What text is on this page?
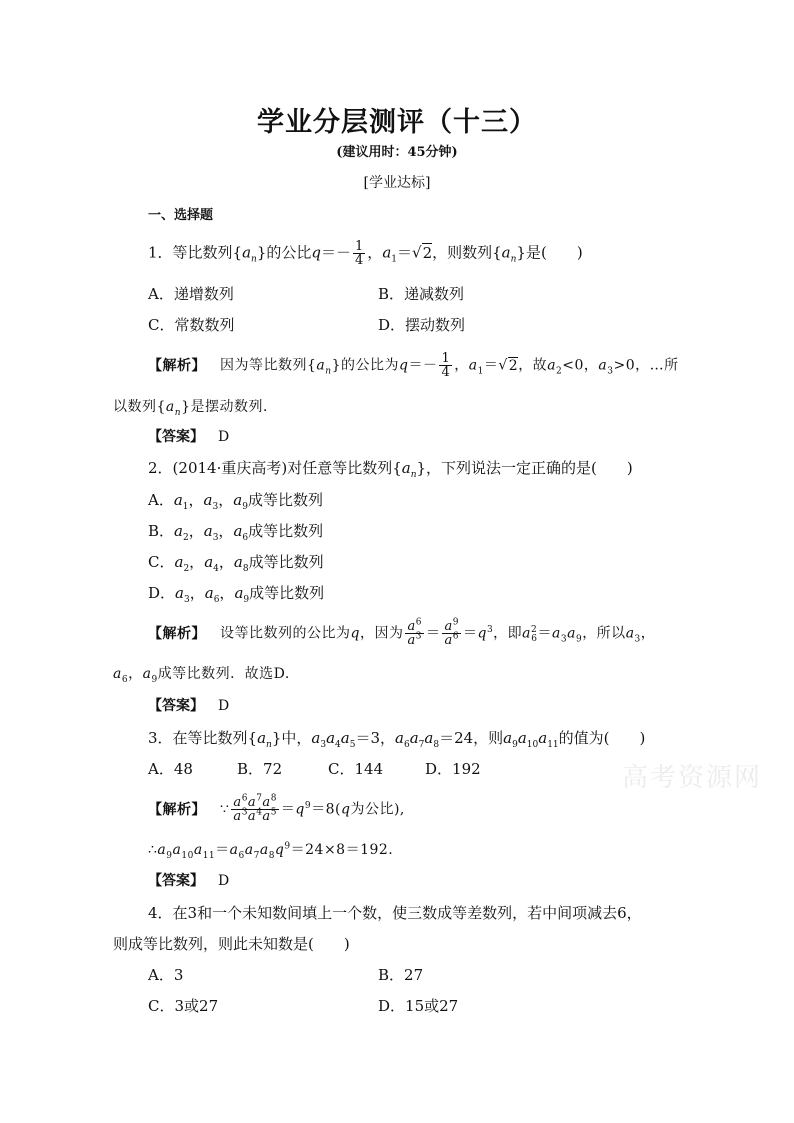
学业分层测评（十三）
(建议用时：45分钟)
[学业达标]
一、选择题
1．等比数列$\{a_n\}$的公比$q=- \frac{1}{4}$ ，$a_1=√2$，则数列$\{a_n\}$是(　　)
A．递增数列	B．递减数列
C．常数数列	D．摆动数列
【解析】 因为等比数列$\{a_n\}$的公比为$q=- \frac{1}{4}$ ，$a_1=√2$，故$a_2<0$，$a_3>0$，…所
以数列$\{a_n\}$是摆动数列．
【答案】 D
2．(2014·重庆高考)对任意等比数列$\{a_n\}$，下列说法一定正确的是(　　)
A．$a_1$，$a_3$，$a_9$成等比数列
B．$a_2$，$a_3$，$a_6$成等比数列
C．$a_2$，$a_4$，$a_8$成等比数列
D．$a_3$，$a_6$，$a_9$成等比数列
【解析】 设等比数列的公比为q，因为 $\frac{a^6}{a^3} = \frac{a^9}{a^6} =q^3$，即$a^2_6=a_3a_9$，所以$a_3$，
$a_6$，$a_9$成等比数列．故选D.
【答案】 D
3．在等比数列$\{a_n\}$中，$a_3a_4a_5=3$，$a_6a_7a_8=24$，则$a_9a_{10}a_{11}$的值为(　　)
A．48	B．72	C．144	D．192	高考资源网
【解析】 ∵ $\frac{a^6a^7a^8}{a^3a^4a^5} =q^9=8(q$为公比),
$\therefore a_9a_{10}a_{11}=a_6a_7a_8q^9=24\times 8=192$.
【答案】 D
4．在3和一个未知数间填上一个数，使三数成等差数列，若中间项减去6，
则成等比数列，则此未知数是(　　)
A．3	B．27
C．3或27	D．15或27
